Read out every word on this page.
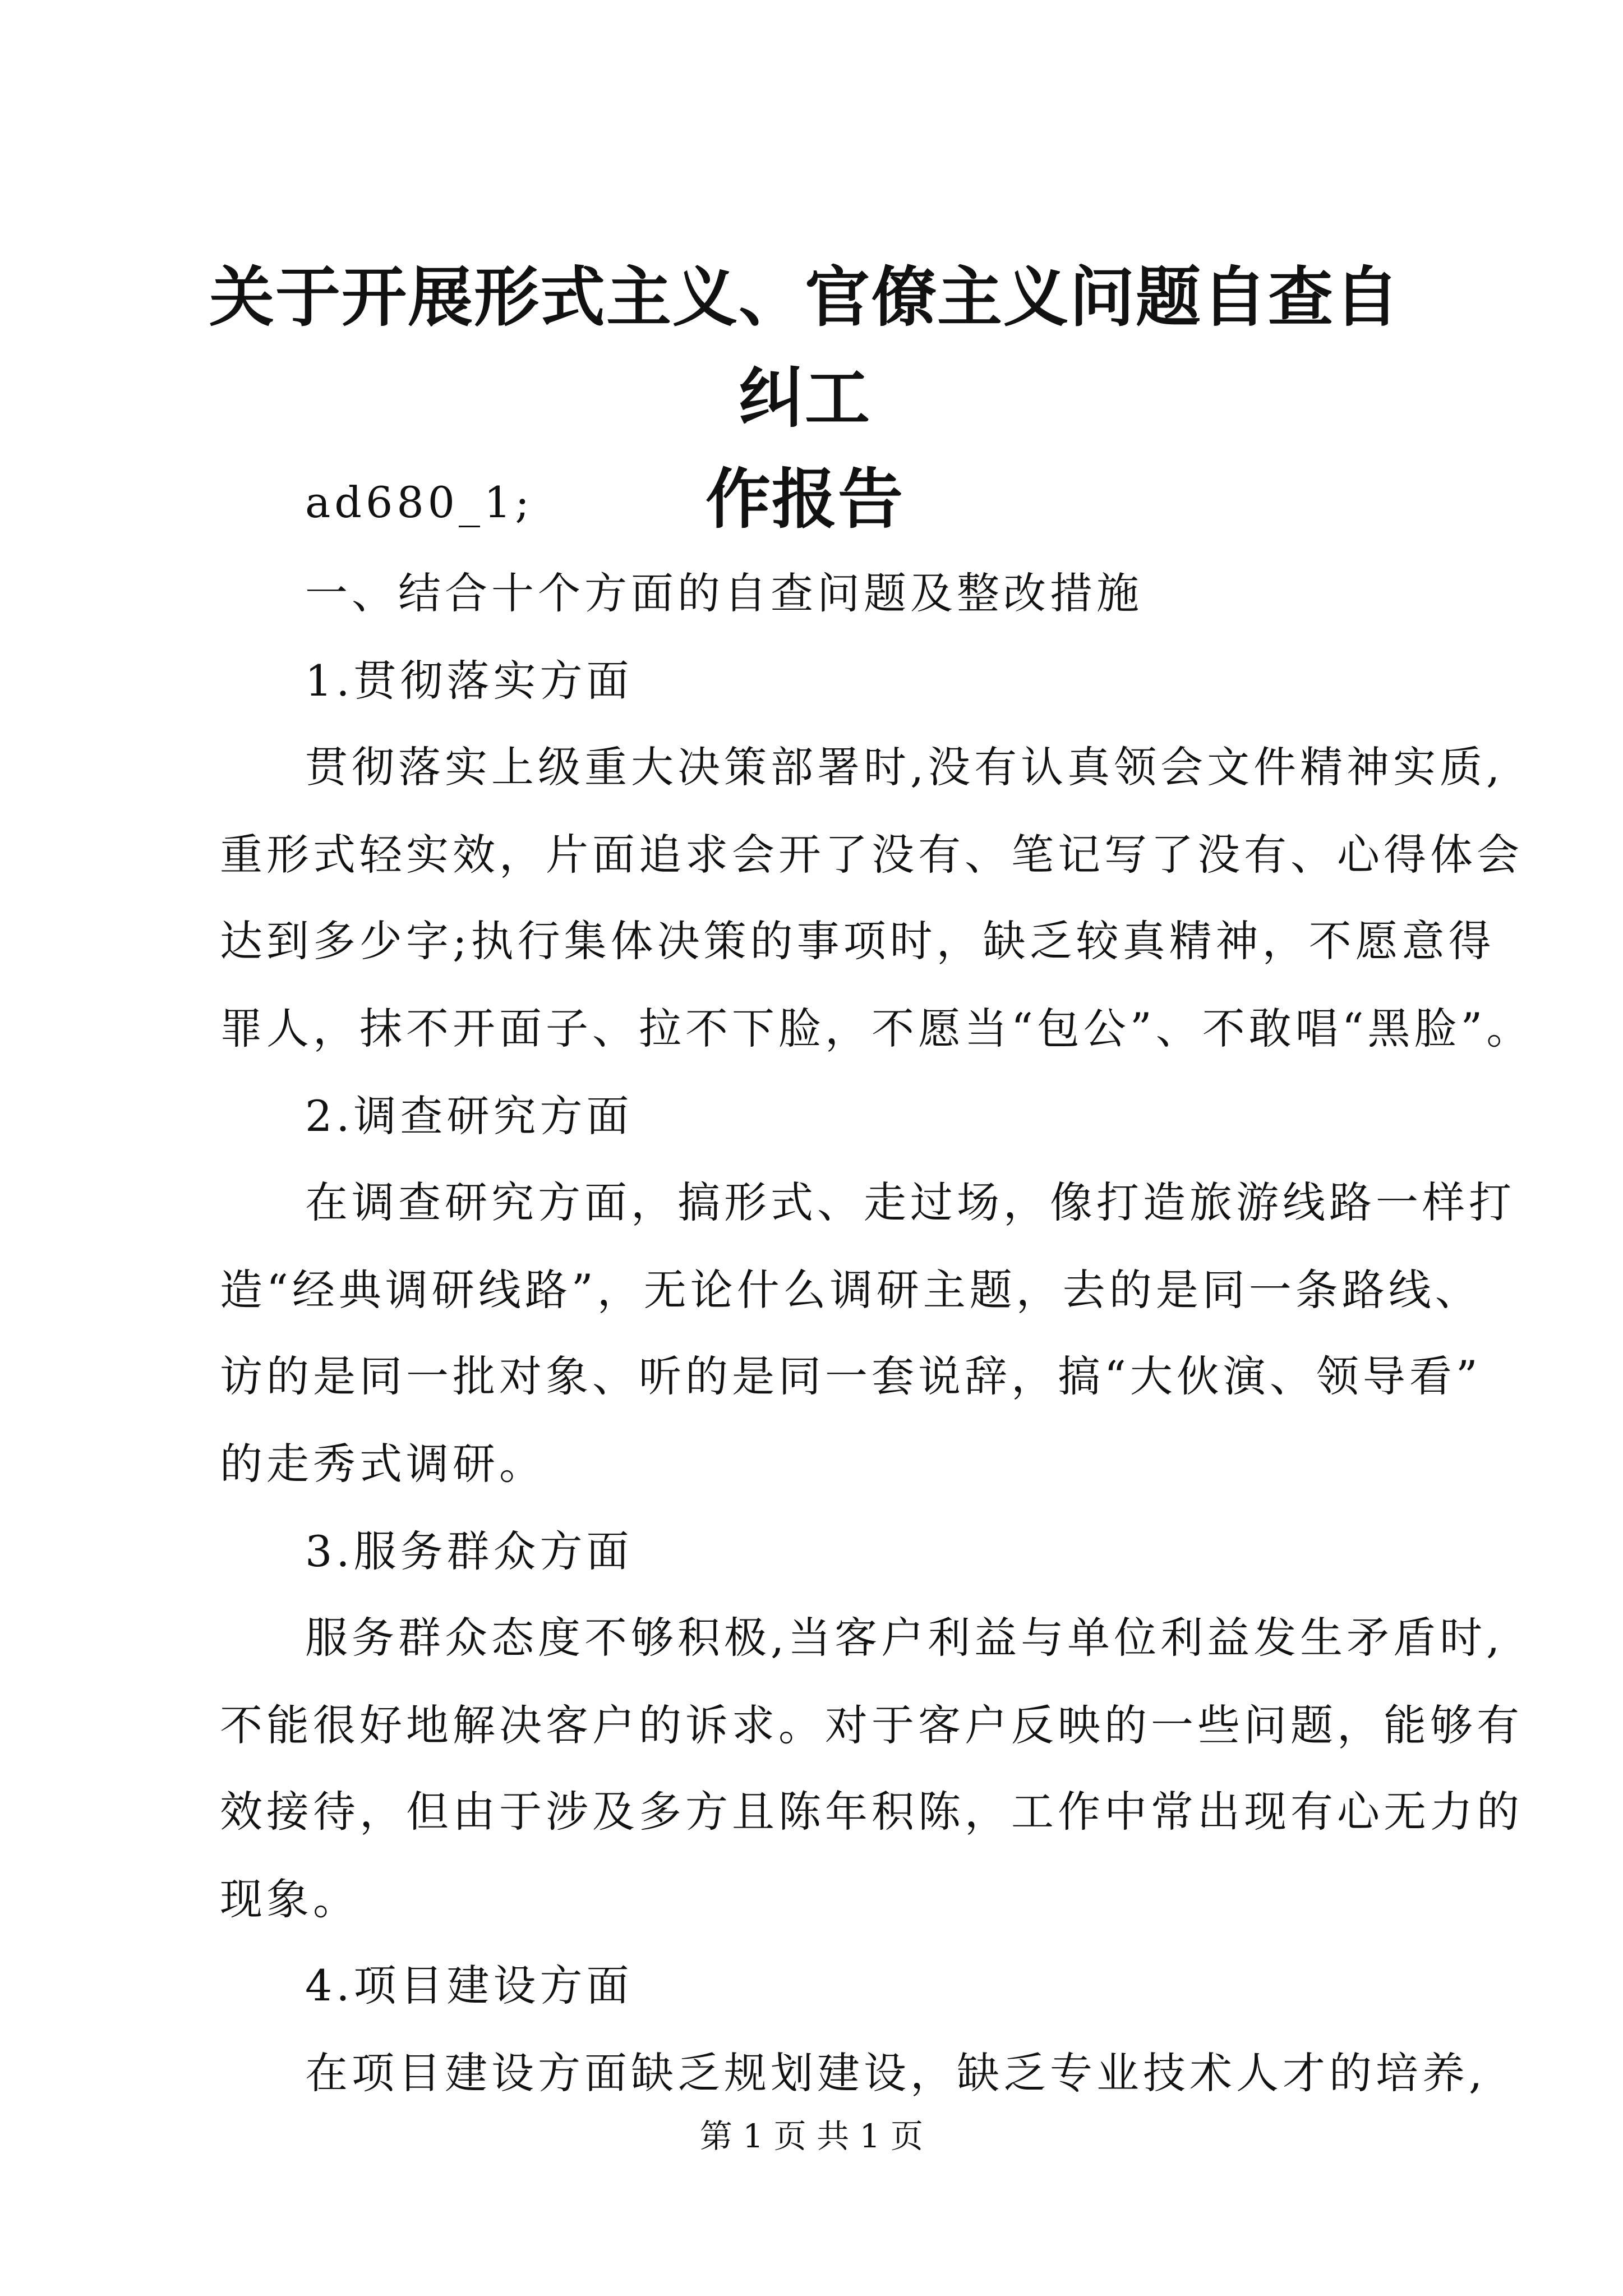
关于开展形式主义、官僚主义问题自查自纠工
作报告
ad680_1;
一、结合十个方面的自查问题及整改措施
1.贯彻落实方面
贯彻落实上级重大决策部署时,没有认真领会文件精神实质,
重形式轻实效，片面追求会开了没有、笔记写了没有、心得体会
达到多少字;执行集体决策的事项时，缺乏较真精神，不愿意得
罪人，抹不开面子、拉不下脸，不愿当“包公”、不敢唱“黑脸”。
2.调查研究方面
在调查研究方面，搞形式、走过场，像打造旅游线路一样打
造“经典调研线路”，无论什么调研主题，去的是同一条路线、
访的是同一批对象、听的是同一套说辞，搞“大伙演、领导看”
的走秀式调研。
3.服务群众方面
服务群众态度不够积极,当客户利益与单位利益发生矛盾时,
不能很好地解决客户的诉求。对于客户反映的一些问题，能够有
效接待，但由于涉及多方且陈年积陈，工作中常出现有心无力的
现象。
4.项目建设方面
在项目建设方面缺乏规划建设，缺乏专业技术人才的培养,
第 1 页 共 1 页
